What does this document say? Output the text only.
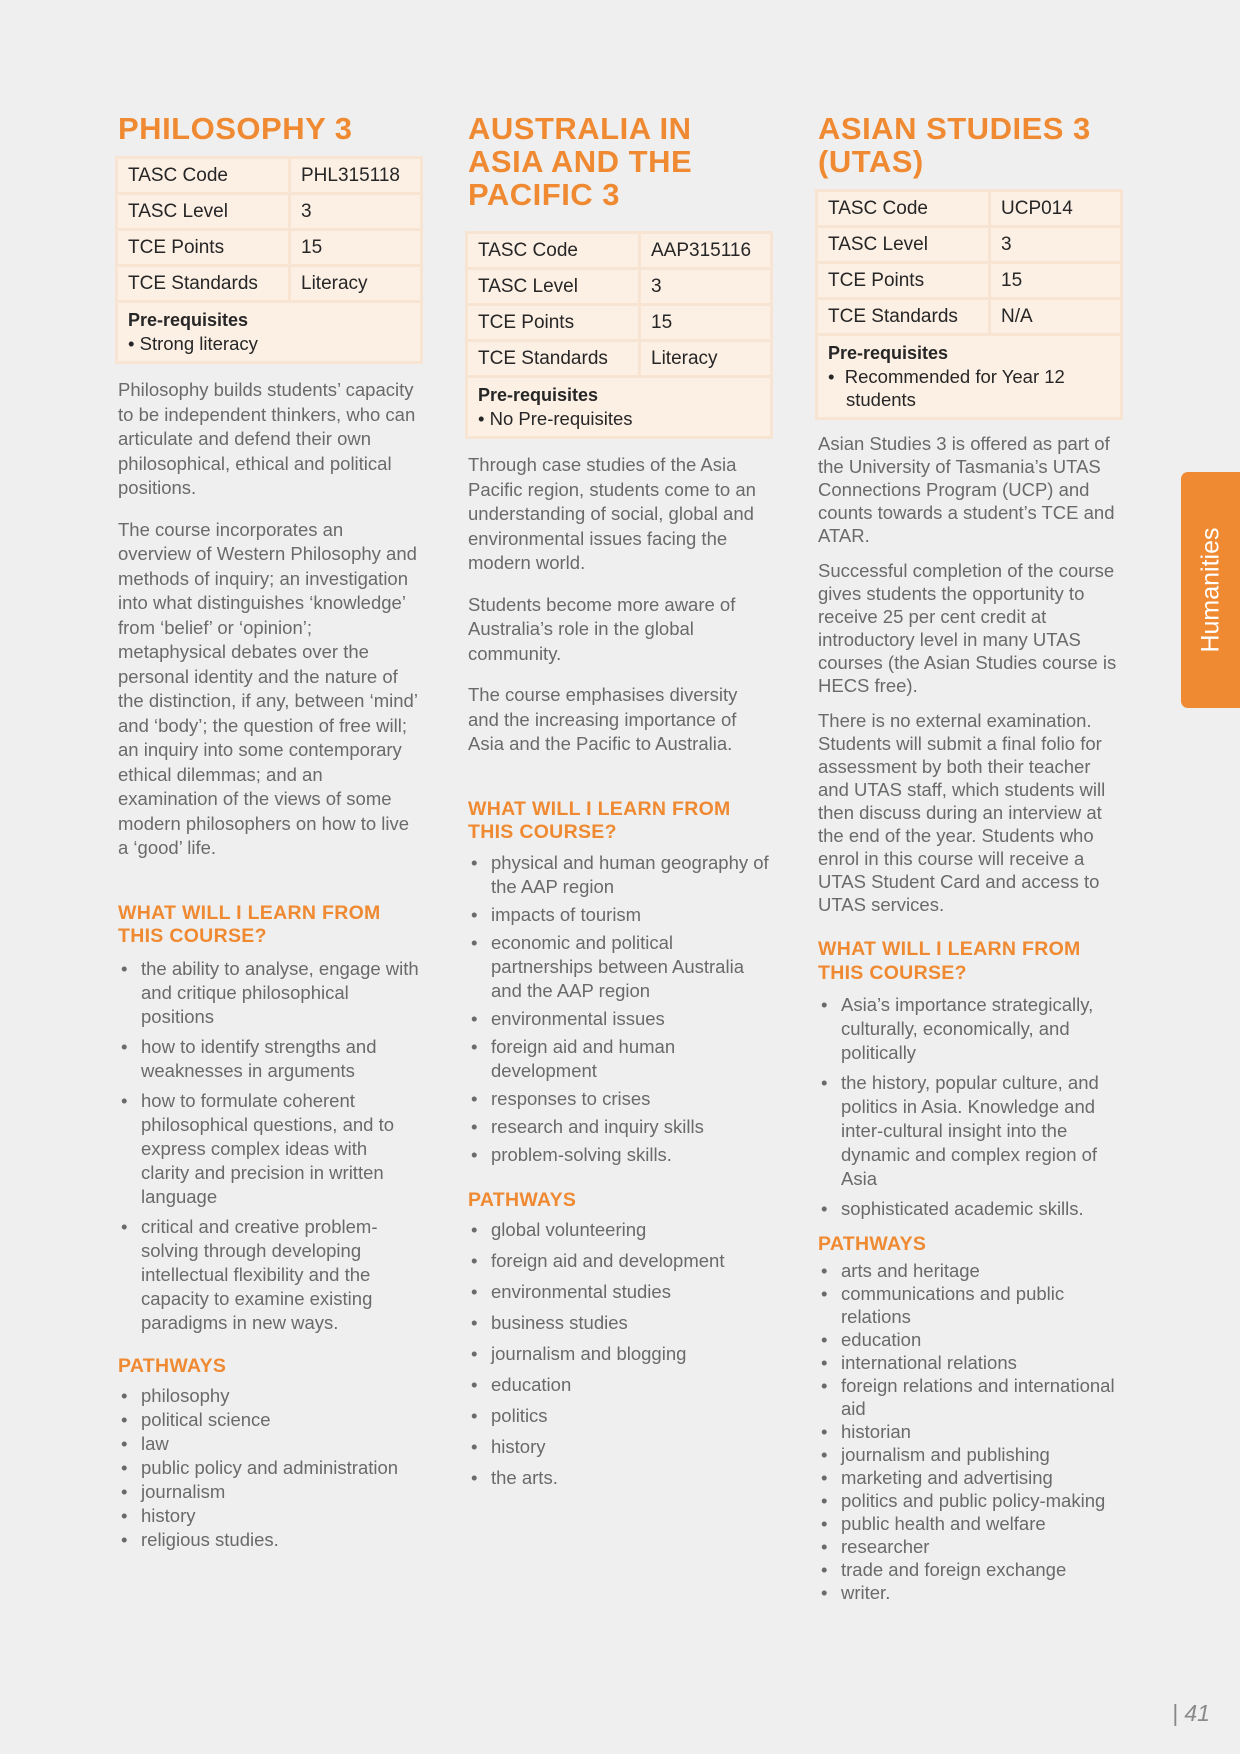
PHILOSOPHY 3
TASC Code	PHL315118
TASC Level	3
TCE Points	15
TCE Standards	Literacy

Pre-requisites
• Strong literacy	

Philosophy builds students’ capacity to be independent thinkers, who can articulate and defend their own philosophical, ethical and political positions.

The course incorporates an overview of Western Philosophy and methods of inquiry; an investigation into what distinguishes ‘knowledge’ from ‘belief’ or ‘opinion’; metaphysical debates over the personal identity and the nature of the distinction, if any, between ‘mind’ and ‘body’; the question of free will; an inquiry into some contemporary ethical dilemmas; and an examination of the views of some modern philosophers on how to live a ‘good’ life.

WHAT WILL I LEARN FROM THIS COURSE?
• the ability to analyse, engage with and critique philosophical positions
• how to identify strengths and weaknesses in arguments
• how to formulate coherent philosophical questions, and to express complex ideas with clarity and precision in written language
• critical and creative problem-solving through developing intellectual flexibility and the capacity to examine existing paradigms in new ways.
PATHWAYS
• philosophy
• political science
• law
• public policy and administration
• journalism
• history
• religious studies.
AUSTRALIA IN ASIA AND THE PACIFIC 3
TASC Code	AAP315116
TASC Level	3
TCE Points	15
TCE Standards	Literacy

Pre-requisites
• No Pre-requisites	

Through case studies of the Asia Pacific region, students come to an understanding of social, global and environmental issues facing the modern world.

Students become more aware of Australia’s role in the global community.

The course emphasises diversity and the increasing importance of Asia and the Pacific to Australia.

WHAT WILL I LEARN FROM THIS COURSE?
• physical and human geography of the AAP region
• impacts of tourism
• economic and political partnerships between Australia and the AAP region
• environmental issues
• foreign aid and human development
• responses to crises
• research and inquiry skills
• problem-solving skills.
PATHWAYS
• global volunteering
• foreign aid and development
• environmental studies
• business studies
• journalism and blogging
• education
• politics
• history
• the arts.
ASIAN STUDIES 3 (UTAS)
TASC Code	UCP014
TASC Level	3
TCE Points	15
TCE Standards	N/A

Pre-requisites
•  Recommended for Year 12 students	

Asian Studies 3 is offered as part of the University of Tasmania’s UTAS Connections Program (UCP) and counts towards a student’s TCE and ATAR.

Successful completion of the course gives students the opportunity to receive 25 per cent credit at introductory level in many UTAS courses (the Asian Studies course is HECS free).

There is no external examination. Students will submit a final folio for assessment by both their teacher and UTAS staff, which students will then discuss during an interview at the end of the year. Students who enrol in this course will receive a UTAS Student Card and access to UTAS services.

WHAT WILL I LEARN FROM THIS COURSE?
• Asia’s importance strategically, culturally, economically, and politically
• the history, popular culture, and politics in Asia. Knowledge and inter-cultural insight into the dynamic and complex region of Asia
• sophisticated academic skills.
PATHWAYS
• arts and heritage
• communications and public relations
• education
• international relations
• foreign relations and international aid
• historian
• journalism and publishing
• marketing and advertising
• politics and public policy-making
• public health and welfare
• researcher
• trade and foreign exchange
• writer.
Humanities
| 41
